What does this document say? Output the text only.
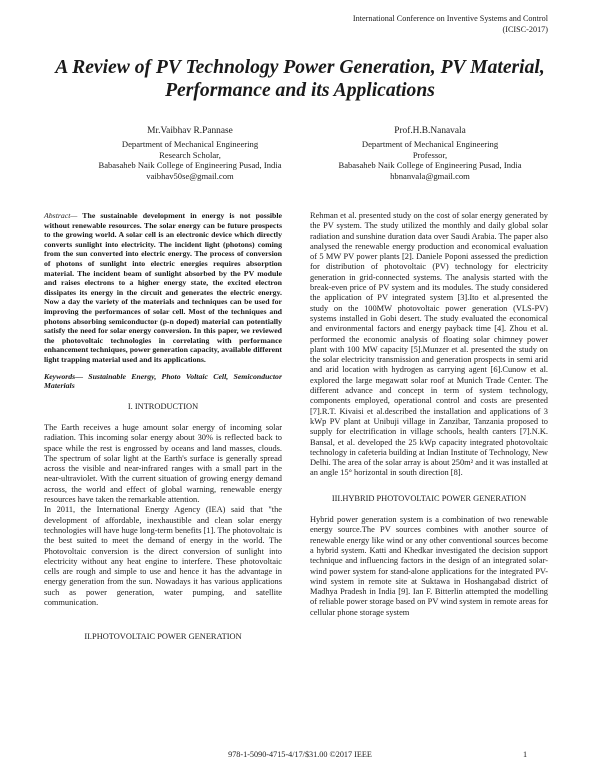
International Conference on Inventive Systems and Control
(ICISC-2017)
A Review of PV Technology Power Generation, PV Material, Performance and its Applications
Mr.Vaibhav R.Pannase
Department of Mechanical Engineering
Research Scholar,
Babasaheb Naik College of Engineering Pusad, India
vaibhav50se@gmail.com
Prof.H.B.Nanavala
Department of Mechanical Engineering
Professor,
Babasaheb Naik College of Engineering Pusad, India
hbnanvala@gmail.com

Abstract— The sustainable development in energy is not possible without renewable resources. The solar energy can be future prospects to the growing world. A solar cell is an electronic device which directly converts sunlight into electricity. The incident light (photons) coming from the sun converted into electric energy. The process of conversion of photons of sunlight into electric energies requires absorption material. The incident beam of sunlight absorbed by the PV module and raises electrons to a higher energy state, the excited electron dissipates its energy in the circuit and generates the electric energy. Now a day the variety of the materials and techniques can be used for improving the performances of solar cell. Most of the techniques and photons absorbing semiconductor (p-n doped) material can potentially satisfy the need for solar energy conversion. In this paper, we reviewed the photovoltaic technologies in correlating with performance enhancement techniques, power generation capacity, available different light trapping material used and its applications.

Keywords— Sustainable Energy, Photo Voltaic Cell, Semiconductor Materials

I. INTRODUCTION

The Earth receives a huge amount solar energy of incoming solar radiation. This incoming solar energy about 30% is reflected back to space while the rest is engrossed by oceans and land masses, clouds. The spectrum of solar light at the Earth's surface is generally spread across the visible and near-infrared ranges with a small part in the near-ultraviolet. With the current situation of growing energy demand across, the world and effect of global warning, renewable energy resources have taken the remarkable attention.

In 2011, the International Energy Agency (IEA) said that "the development of affordable, inexhaustible and clean solar energy technologies will have huge long-term benefits [1]. The photovoltaic is the best suited to meet the demand of energy in the world. The Photovoltaic conversion is the direct conversion of sunlight into electricity without any heat engine to interfere. These photovoltaic cells are rough and simple to use and hence it has the advantage in energy generation from the sun. Nowadays it has various applications such as power generation, water pumping, and satellite communication.

II.PHOTOVOLTAIC POWER GENERATION

Rehman et al. presented study on the cost of solar energy generated by the PV system. The study utilized the monthly and daily global solar radiation and sunshine duration data over Saudi Arabia. The paper also analysed the renewable energy production and economical evaluation of 5 MW PV power plants [2]. Daniele Poponi assessed the prediction for distribution of photovoltaic (PV) technology for electricity generation in grid-connected systems. The analysis started with the break-even price of PV system and its modules. The study considered the application of PV integrated system [3].Ito et al.presented the study on the 100MW photovoltaic power generation (VLS-PV) systems installed in Gobi desert. The study evaluated the economical and environmental factors and energy payback time [4]. Zhou et al. performed the economic analysis of floating solar chimney power plant with 100 MW capacity [5].Munzer et al. presented the study on the solar electricity transmission and generation prospects in semi arid and arid location with hydrogen as carrying agent [6].Cunow et al. explored the large megawatt solar roof at Munich Trade Center. The different advance and concept in term of system technology, components employed, operational control and costs are presented [7].R.T. Kivaisi et al.described the installation and applications of 3 kWp PV plant at Unibuji village in Zanzibar, Tanzania proposed to supply for electrification in village schools, health canters [7].N.K. Bansal, et al. developed the 25 kWp capacity integrated photovoltaic technology in cafeteria building at Indian Institute of Technology, New Delhi. The area of the solar array is about 250m² and it was installed at an angle 15° horizontal in south direction [8].

III.HYBRID PHOTOVOLTAIC POWER GENERATION

Hybrid power generation system is a combination of two renewable energy source.The PV sources combines with another source of renewable energy like wind or any other conventional sources become a hybrid system. Katti and Khedkar investigated the decision support technique and influencing factors in the design of an integrated solar-wind power system for stand-alone applications for the integrated PV-wind system in remote site at Suktawa in Hoshangabad district of Madhya Pradesh in India [9]. Ian F. Bitterlin attempted the modelling of reliable power storage based on PV wind system in remote areas for cellular phone storage system

978-1-5090-4715-4/17/$31.00 ©2017 IEEE	1
